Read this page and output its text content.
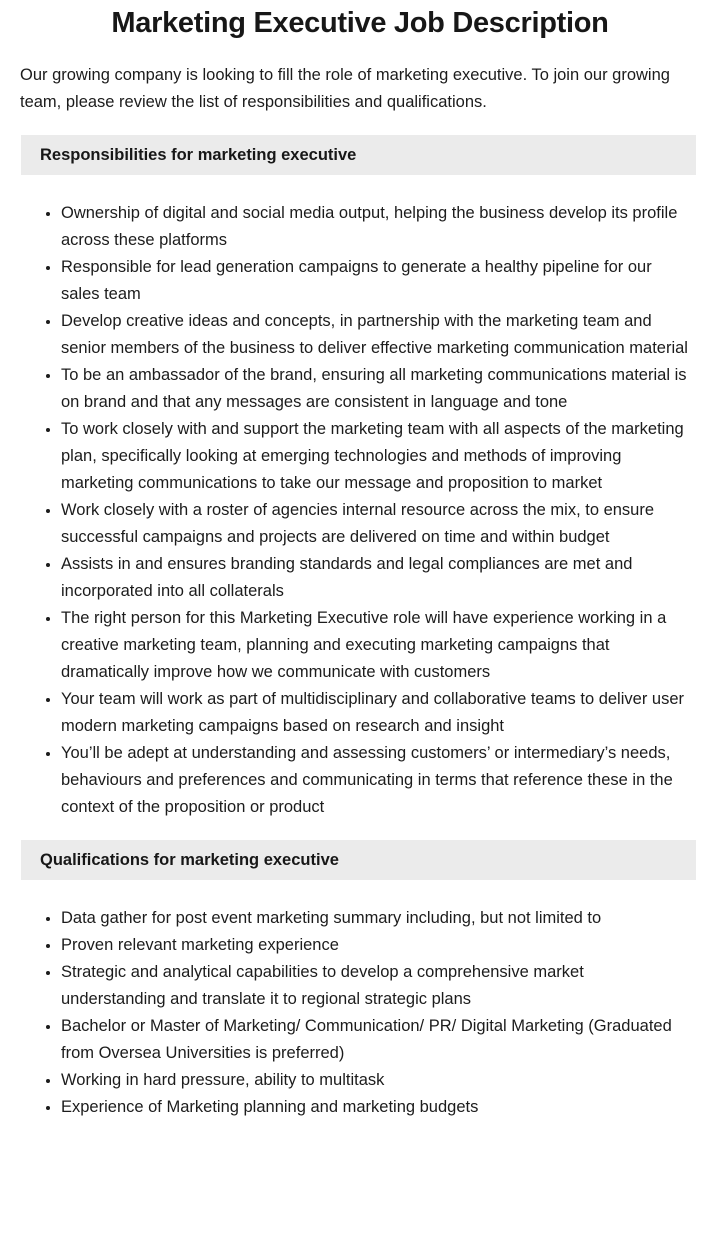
Marketing Executive Job Description

Our growing company is looking to fill the role of marketing executive. To join our growing team, please review the list of responsibilities and qualifications.

Responsibilities for marketing executive
• Ownership of digital and social media output, helping the business develop its profile across these platforms
• Responsible for lead generation campaigns to generate a healthy pipeline for our sales team
• Develop creative ideas and concepts, in partnership with the marketing team and senior members of the business to deliver effective marketing communication material
• To be an ambassador of the brand, ensuring all marketing communications material is on brand and that any messages are consistent in language and tone
• To work closely with and support the marketing team with all aspects of the marketing plan, specifically looking at emerging technologies and methods of improving marketing communications to take our message and proposition to market
• Work closely with a roster of agencies internal resource across the mix, to ensure successful campaigns and projects are delivered on time and within budget
• Assists in and ensures branding standards and legal compliances are met and incorporated into all collaterals
• The right person for this Marketing Executive role will have experience working in a creative marketing team, planning and executing marketing campaigns that dramatically improve how we communicate with customers
• Your team will work as part of multidisciplinary and collaborative teams to deliver user modern marketing campaigns based on research and insight
• You’ll be adept at understanding and assessing customers’ or intermediary’s needs, behaviours and preferences and communicating in terms that reference these in the context of the proposition or product
Qualifications for marketing executive
• Data gather for post event marketing summary including, but not limited to
• Proven relevant marketing experience
• Strategic and analytical capabilities to develop a comprehensive market understanding and translate it to regional strategic plans
• Bachelor or Master of Marketing/ Communication/ PR/ Digital Marketing (Graduated from Oversea Universities is preferred)
• Working in hard pressure, ability to multitask
• Experience of Marketing planning and marketing budgets
